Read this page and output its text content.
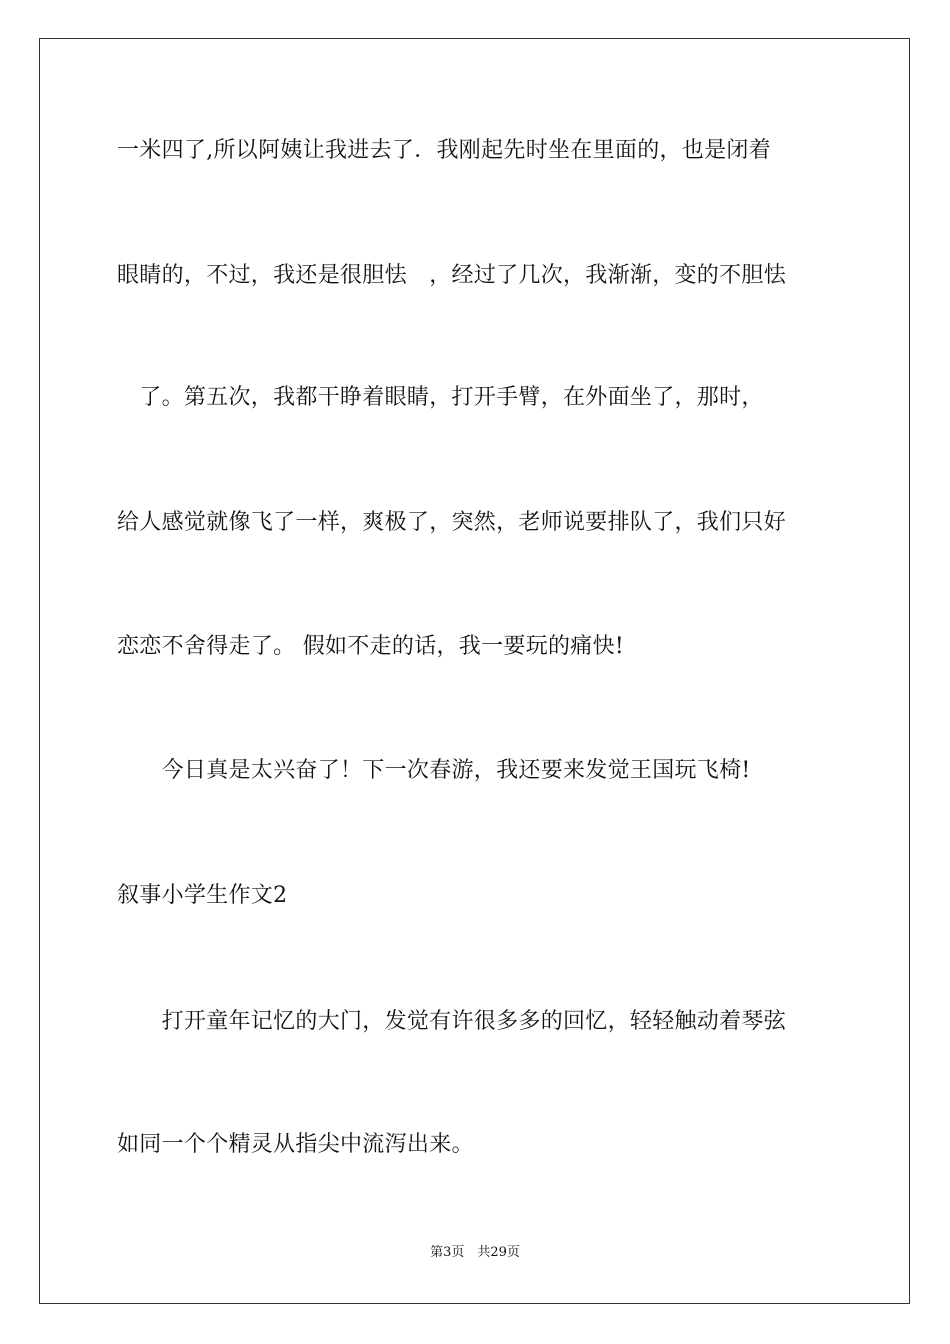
一米四了,所以阿姨让我进去了．我刚起先时坐在里面的，也是闭着
眼睛的，不过，我还是很胆怯　，经过了几次，我渐渐，变的不胆怯
　了。第五次，我都干睁着眼睛，打开手臂，在外面坐了，那时，
给人感觉就像飞了一样，爽极了，突然，老师说要排队了，我们只好
恋恋不舍得走了。 假如不走的话，我一要玩的痛快!
　　今日真是太兴奋了！下一次春游，我还要来发觉王国玩飞椅!
叙事小学生作文2
　　打开童年记忆的大门，发觉有许很多多的回忆，轻轻触动着琴弦
如同一个个精灵从指尖中流泻出来。
第3页　共29页
